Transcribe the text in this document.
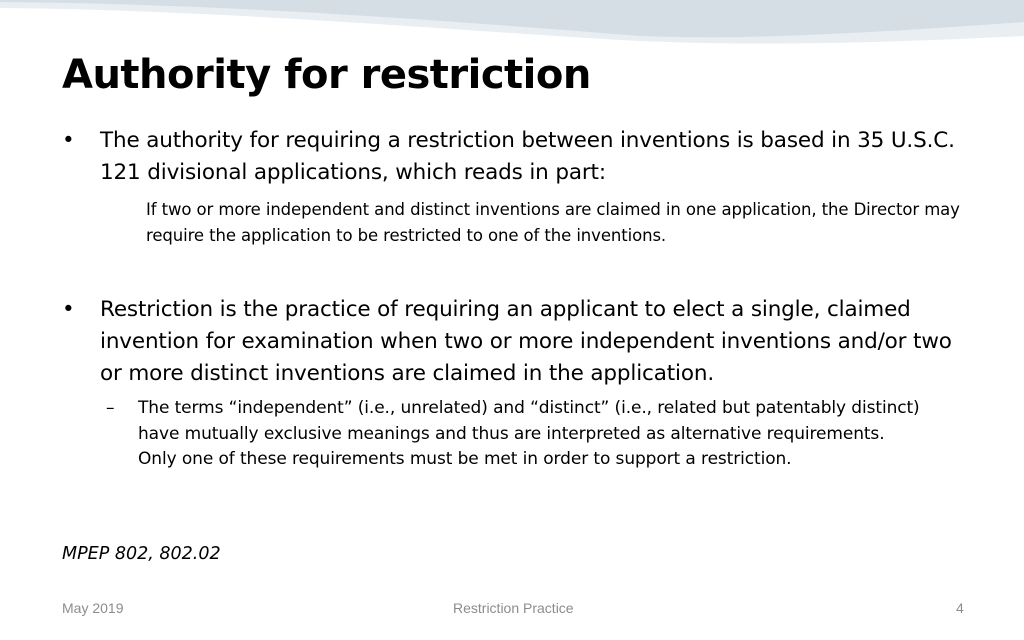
Authority for restriction
•	The authority for requiring a restriction between inventions is based in 35 U.S.C. 121 divisional applications, which reads in part:
If two or more independent and distinct inventions are claimed in one application, the Director may require the application to be restricted to one of the inventions.
•	Restriction is the practice of requiring an applicant to elect a single, claimed invention for examination when two or more independent inventions and/or two or more distinct inventions are claimed in the application.
– The terms “independent” (i.e., unrelated) and “distinct” (i.e., related but patentably distinct) have mutually exclusive meanings and thus are interpreted as alternative requirements. Only one of these requirements must be met in order to support a restriction.
MPEP 802, 802.02
May 2019	Restriction Practice	4
